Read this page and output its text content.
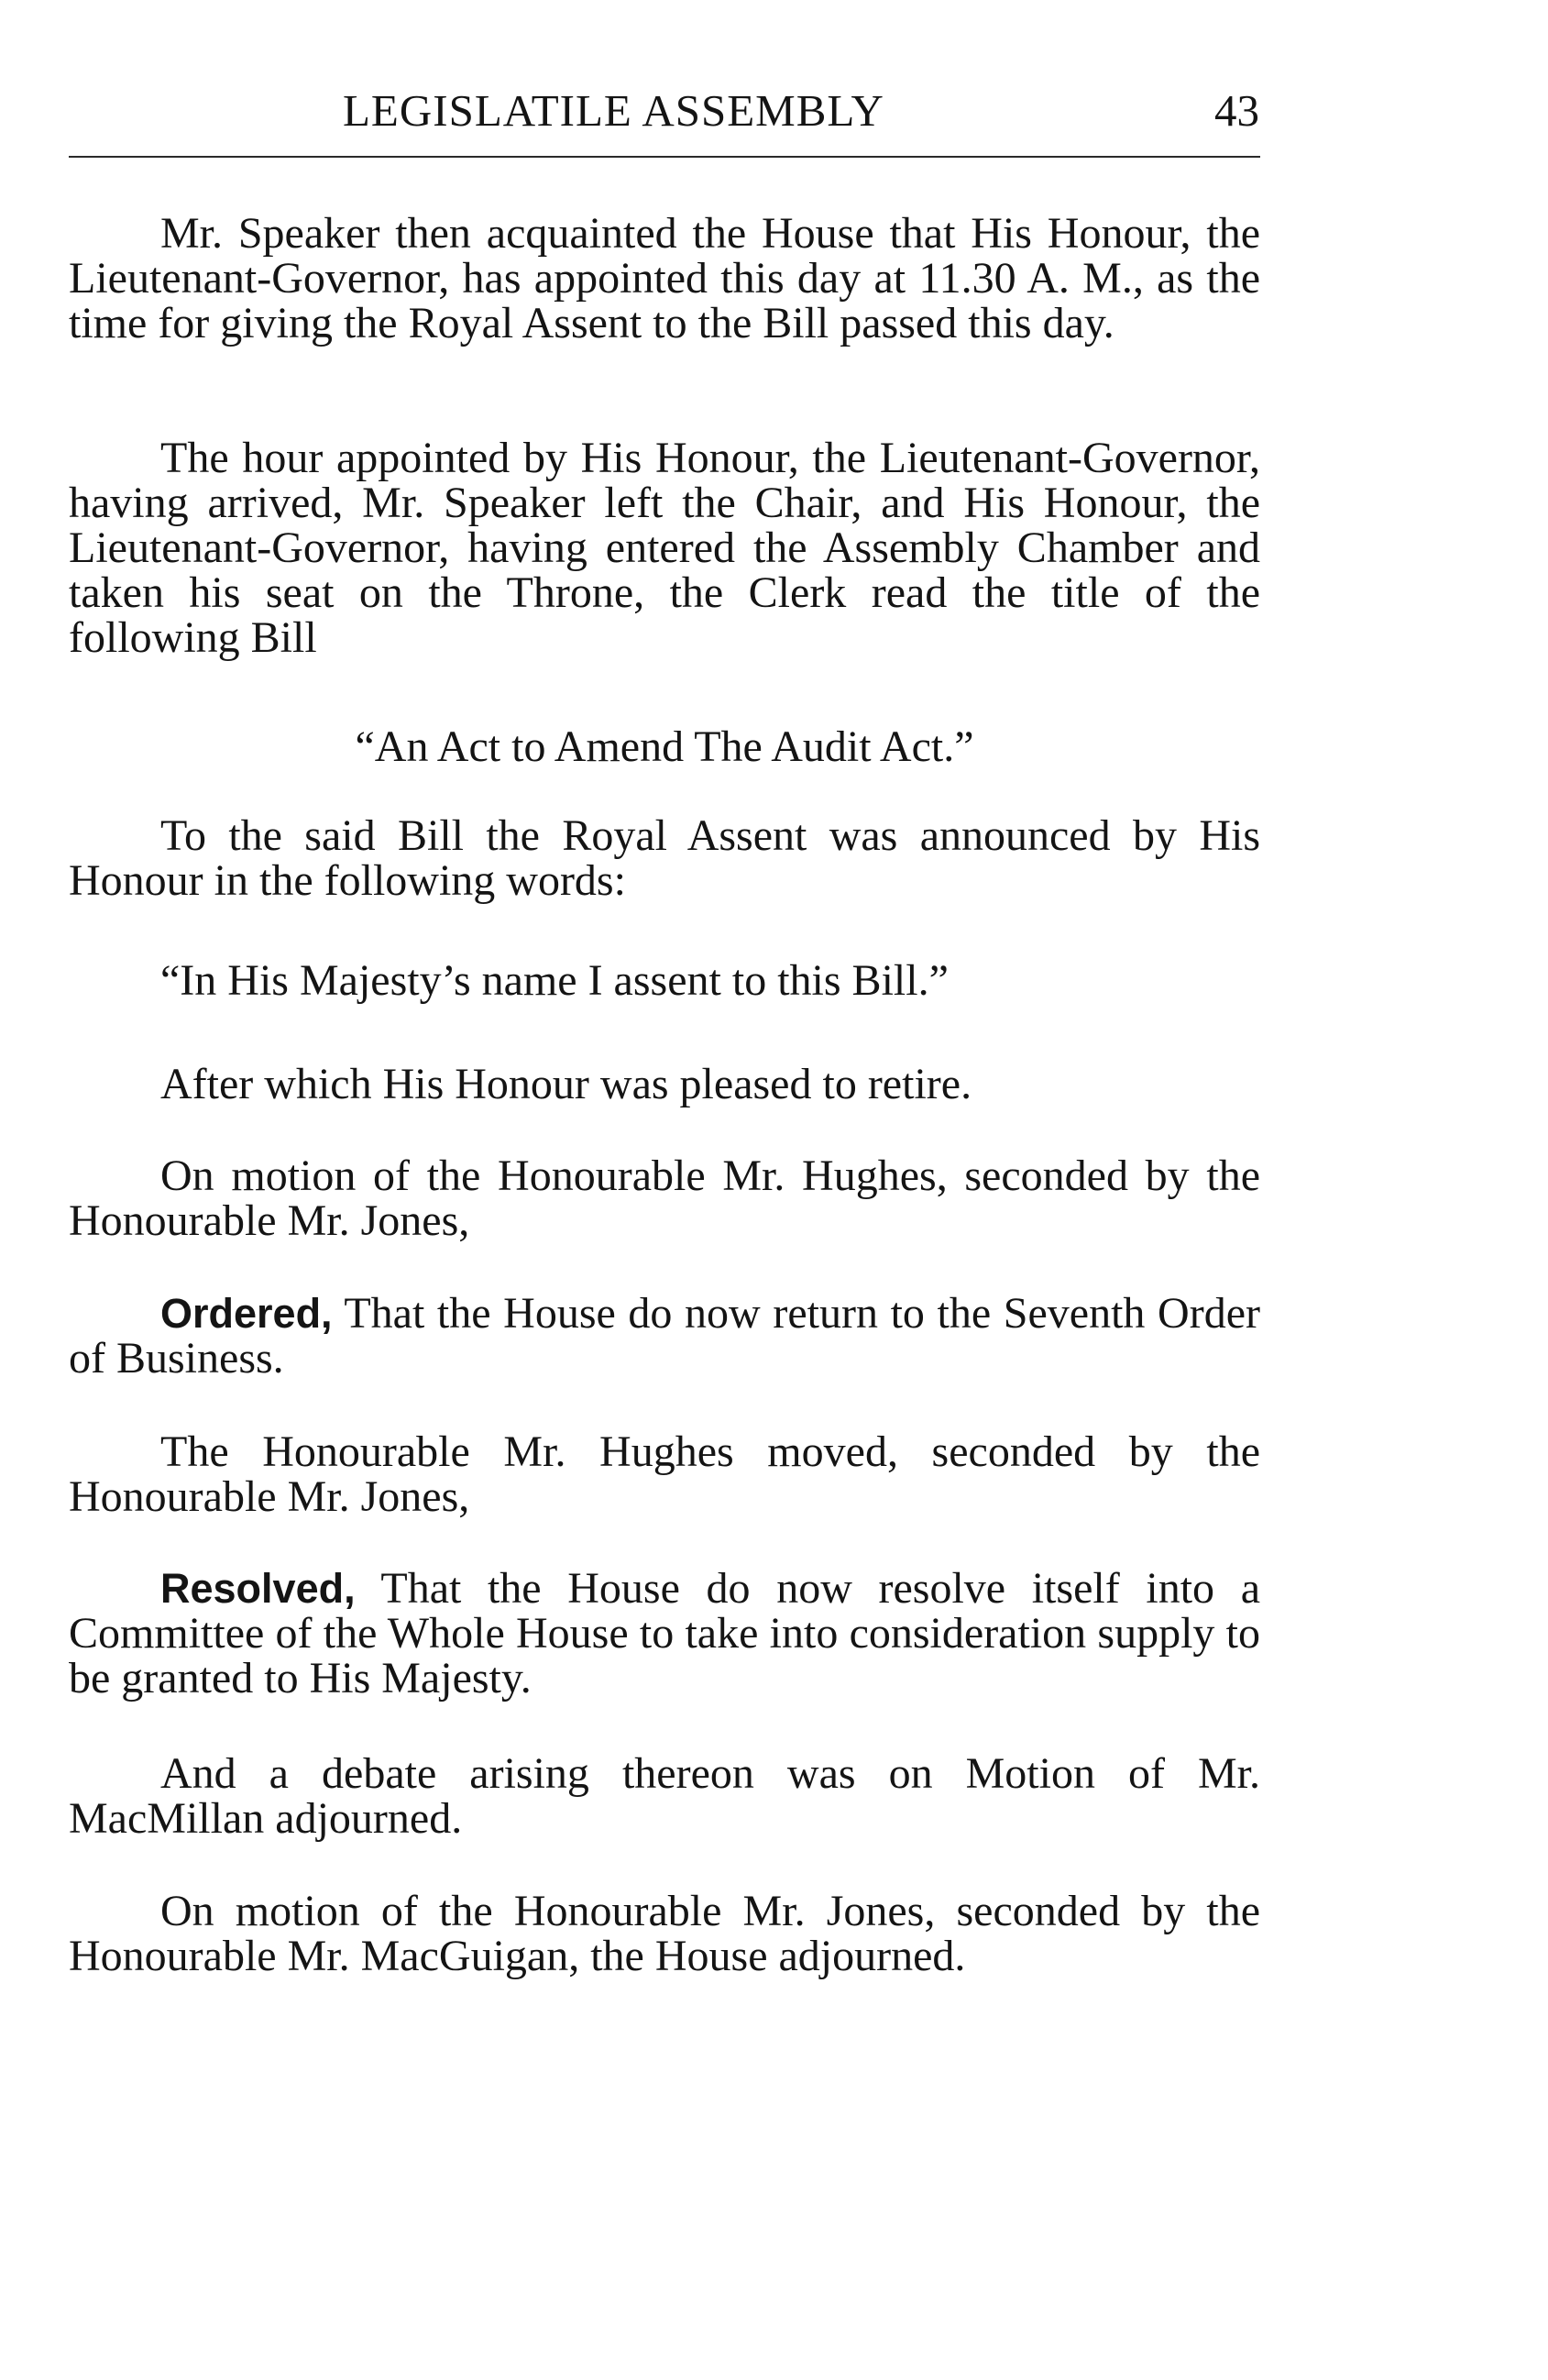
LEGISLATILE ASSEMBLY	43

Mr. Speaker then acquainted the House that His Honour, the Lieutenant-Governor, has appointed this day at 11.30 A. M., as the time for giving the Royal Assent to the Bill passed this day.

The hour appointed by His Honour, the Lieutenant-Governor, having arrived, Mr. Speaker left the Chair, and His Honour, the Lieutenant-Governor, having entered the Assembly Chamber and taken his seat on the Throne, the Clerk read the title of the following Bill

“An Act to Amend The Audit Act.”

To the said Bill the Royal Assent was announced by His Honour in the following words:

“In His Majesty’s name I assent to this Bill.”

After which His Honour was pleased to retire.

On motion of the Honourable Mr. Hughes, seconded by the Honourable Mr. Jones,

Ordered, That the House do now return to the Seventh Order of Business.

The Honourable Mr. Hughes moved, seconded by the Honourable Mr. Jones,

Resolved, That the House do now resolve itself into a Committee of the Whole House to take into consideration supply to be granted to His Majesty.

And a debate arising thereon was on Motion of Mr. MacMillan adjourned.

On motion of the Honourable Mr. Jones, seconded by the Honourable Mr. MacGuigan, the House adjourned.
